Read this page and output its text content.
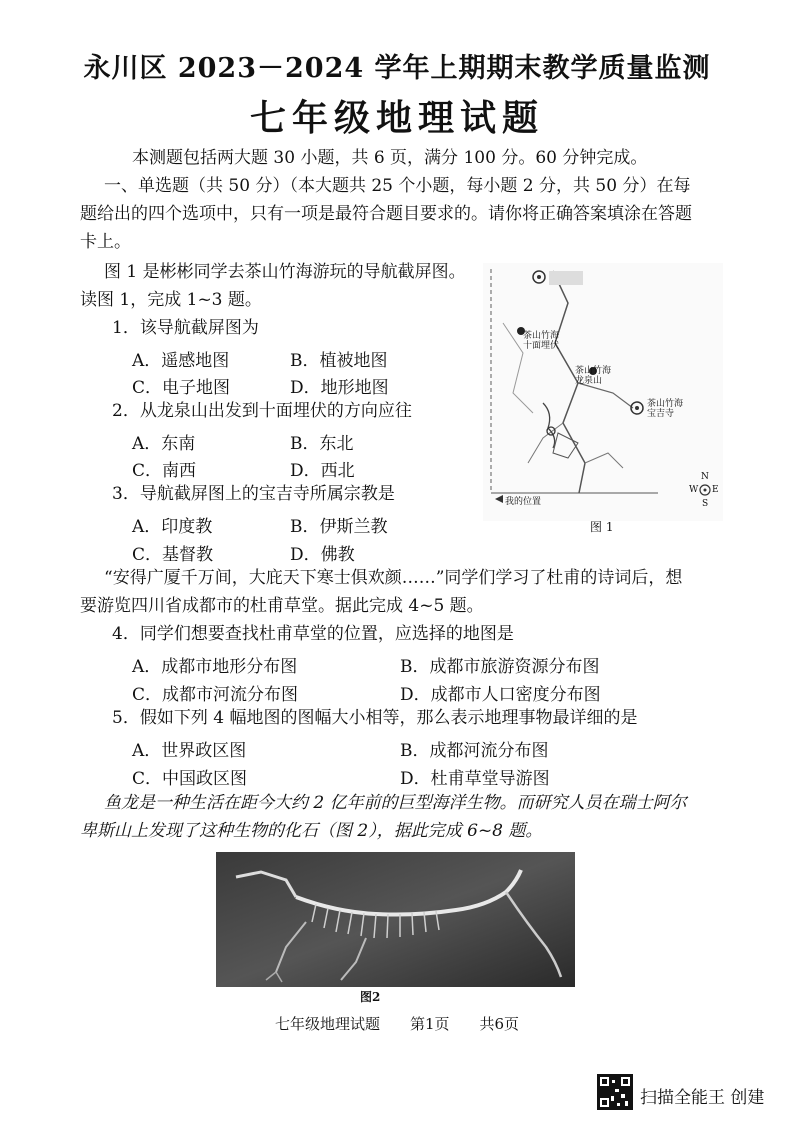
永川区 2023－2024 学年上期期末教学质量监测
七年级地理试题
本测题包括两大题 30 小题，共 6 页，满分 100 分。60 分钟完成。
一、单选题（共 50 分）（本大题共 25 个小题，每小题 2 分，共 50 分）在每
题给出的四个选项中，只有一项是最符合题目要求的。请你将正确答案填涂在答题
卡上。
图 1 是彬彬同学去茶山竹海游玩的导航截屏图。
读图 1，完成 1~3 题。
1．该导航截屏图为
A．遥感地图	B．植被地图
C．电子地图	D．地形地图
2．从龙泉山出发到十面埋伏的方向应往
A．东南	B．东北
C．南西	D．西北
3．导航截屏图上的宝吉寺所属宗教是
A．印度教	B．伊斯兰教
C．基督教	D．佛教
茶山竹海
十面埋伏
茶山竹海
龙泉山
茶山竹海
宝吉寺
我的位置
N
S
W E
图 1
“安得广厦千万间，大庇天下寒士俱欢颜……”同学们学习了杜甫的诗词后，想
要游览四川省成都市的杜甫草堂。据此完成 4~5 题。
4．同学们想要查找杜甫草堂的位置，应选择的地图是
A．成都市地形分布图	B．成都市旅游资源分布图
C．成都市河流分布图	D．成都市人口密度分布图
5．假如下列 4 幅地图的图幅大小相等，那么表示地理事物最详细的是
A．世界政区图	B．成都河流分布图
C．中国政区图	D．杜甫草堂导游图
鱼龙是一种生活在距今大约 2 亿年前的巨型海洋生物。而研究人员在瑞士阿尔
卑斯山上发现了这种生物的化石（图 2），据此完成 6~8 题。
图2
七年级地理试题　　第1页　　共6页
扫描全能王 创建
